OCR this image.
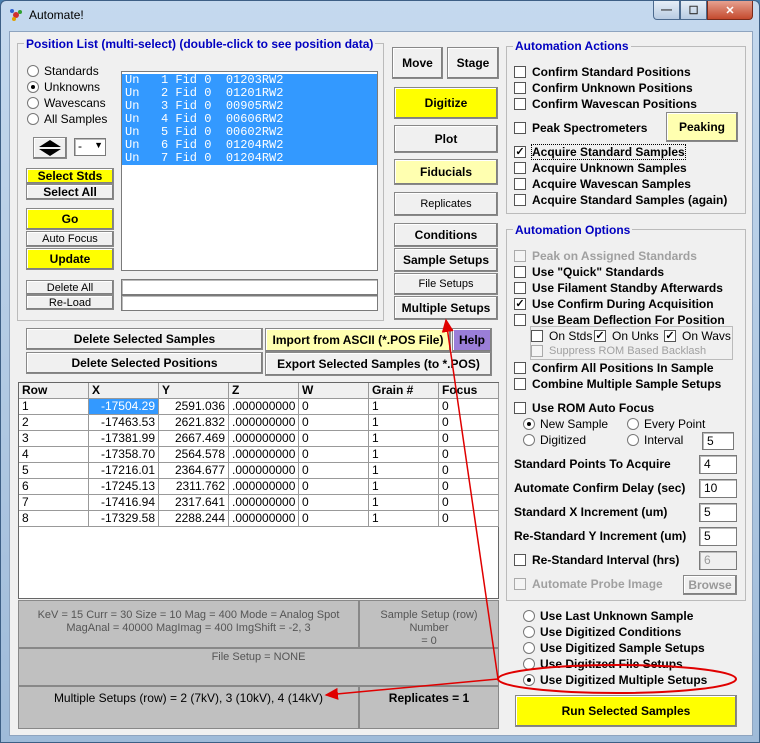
Automate!	—	☐	✕
Position List (multi-select) (double-click to see position data)
Standards
Unknowns
Wavescans
All Samples
- ▼
Select Stds
Select All
Go
Auto Focus
Update
Delete All
Re-Load
Un   1 Fid 0  01203RW2
Un   2 Fid 0  01201RW2
Un   3 Fid 0  00905RW2
Un   4 Fid 0  00606RW2
Un   5 Fid 0  00602RW2
Un   6 Fid 0  01204RW2
Un   7 Fid 0  01204RW2
Move	Stage
Digitize
Plot
Fiducials
Replicates
Conditions
Sample Setups
File Setups
Multiple Setups
Delete Selected Samples
Delete Selected Positions
Import from ASCII (*.POS File)	Help
Export Selected Samples (to *.POS)
Row	X	Y	Z	W	Grain #	Focus
1	-17504.29	2591.036 .000000000 0	1	0
2	-17463.53	2621.832 .000000000 0	1	0
3	-17381.99	2667.469 .000000000 0	1	0
4	-17358.70	2564.578 .000000000 0	1	0
5	-17216.01	2364.677 .000000000 0	1	0
6	-17245.13	2311.762 .000000000 0	1	0
7	-17416.94	2317.641 .000000000 0	1	0
8	-17329.58	2288.244 .000000000 0	1	0
KeV = 15 Curr = 30 Size = 10 Mag = 400 Mode = Analog Spot
MagAnal = 40000 MagImag = 400 ImgShift = -2, 3
Sample Setup (row) Number
= 0
File Setup = NONE
Multiple Setups (row) = 2 (7kV), 3 (10kV), 4 (14kV)	Replicates = 1
Automation Actions
Confirm Standard Positions
Confirm Unknown Positions
Confirm Wavescan Positions
Peak Spectrometers
✓ Acquire Standard Samples
Acquire Unknown Samples
Acquire Wavescan Samples
Acquire Standard Samples (again)
Peaking
Automation Options
Peak on Assigned Standards
Use "Quick" Standards
Use Filament Standby Afterwards
✓ Use Confirm During Acquisition
Use Beam Deflection For Position
On Stds ✓ On Unks ✓ On Wavs
Suppress ROM Based Backlash
Confirm All Positions In Sample
Combine Multiple Sample Setups
Use ROM Auto Focus
New Sample	Every Point
Digitized	Interval	5
Standard Points To Acquire	4
Automate Confirm Delay (sec)	10
Standard X Increment (um)	5
Re-Standard Y Increment (um)	5
Re-Standard Interval (hrs)	6
Automate Probe Image	Browse
Use Last Unknown Sample
Use Digitized Conditions
Use Digitized Sample Setups
Use Digitized File Setups
Use Digitized Multiple Setups
Run Selected Samples
